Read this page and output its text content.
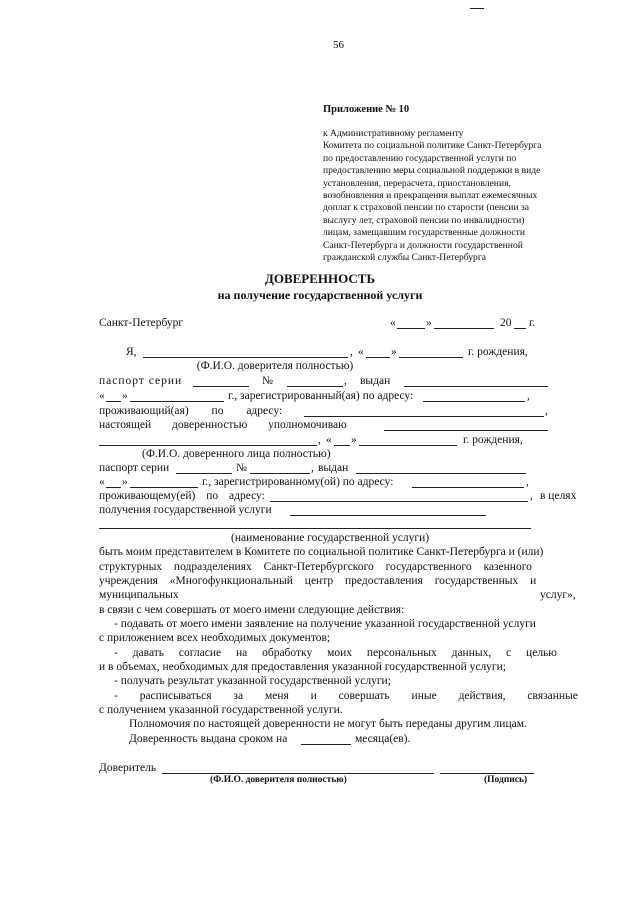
56
Приложение № 10
к Административному регламенту
Комитета по социальной политике Санкт-Петербурга
по предоставлению государственной услуги по
предоставлению меры социальной поддержки в виде
установления, перерасчета, приостановления,
возобновления и прекращения выплат ежемесячных
доплат к страховой пенсии по старости (пенсии за
выслугу лет, страховой пенсии по инвалидности)
лицам, замещавшим государственные должности
Санкт-Петербурга и должности государственной
гражданской службы Санкт-Петербурга
ДОВЕРЕННОСТЬ
на получение государственной услуги
Санкт-Петербург	«	»	20 г.
Я,	, « »	г. рождения,
(Ф.И.О. доверителя полностью)
паспорт серии	№	, выдан
« »	г., зарегистрированный(ая) по адресу:	,
проживающий(ая) по адресу:	,
настоящей доверенностью уполномочиваю
, « »	г. рождения,
(Ф.И.О. доверенного лица полностью)
паспорт серии	№	, выдан
« »	г., зарегистрированному(ой) по адресу:	,
проживающему(ей) по адресу:	, в целях
получения государственной услуги
(наименование государственной услуги)
быть моим представителем в Комитете по социальной политике Санкт-Петербурга и (или)
структурных подразделениях Санкт-Петербургского государственного казенного
учреждения «Многофункциональный центр предоставления государственных и
муниципальных	услуг»,
в связи с чем совершать от моего имени следующие действия:
- подавать от моего имени заявление на получение указанной государственной услуги
с приложением всех необходимых документов;
- давать согласие на обработку моих персональных данных, с целью
и в объемах, необходимых для предоставления указанной государственной услуги;
- получать результат указанной государственной услуги;
- расписываться за меня и совершать иные действия, связанные
с получением указанной государственной услуги.
Полномочия по настоящей доверенности не могут быть переданы другим лицам.
Доверенность выдана сроком на	месяца(ев).
Доверитель
(Ф.И.О. доверителя полностью)	(Подпись)
